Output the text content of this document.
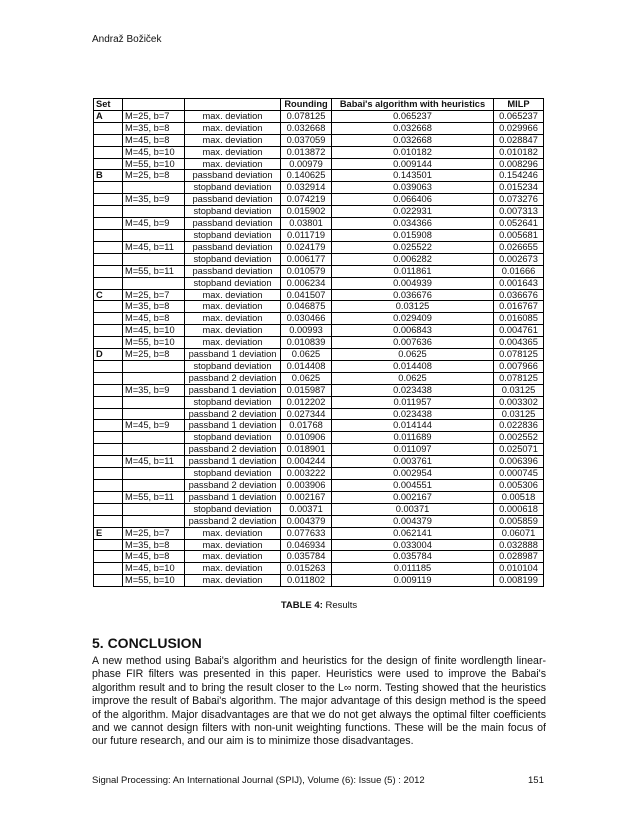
Andraž Božiček
Set			Rounding	Babai's algorithm with heuristics	MILP
A	M=25, b=7	max. deviation	0.078125	0.065237	0.065237
	M=35, b=8	max. deviation	0.032668	0.032668	0.029966
	M=45, b=8	max. deviation	0.037059	0.032668	0.028847
	M=45, b=10	max. deviation	0.013872	0.010182	0.010182
	M=55, b=10	max. deviation	0.00979	0.009144	0.008296
B	M=25, b=8	passband deviation	0.140625	0.143501	0.154246
		stopband deviation	0.032914	0.039063	0.015234
	M=35, b=9	passband deviation	0.074219	0.066406	0.073276
		stopband deviation	0.015902	0.022931	0.007313
	M=45, b=9	passband deviation	0.03801	0.034366	0.052641
		stopband deviation	0.011719	0.015908	0.005681
	M=45, b=11	passband deviation	0.024179	0.025522	0.026655
		stopband deviation	0.006177	0.006282	0.002673
	M=55, b=11	passband deviation	0.010579	0.011861	0.01666
		stopband deviation	0.006234	0.004939	0.001643
C	M=25, b=7	max. deviation	0.041507	0.036676	0.036676
	M=35, b=8	max. deviation	0.046875	0.03125	0.016767
	M=45, b=8	max. deviation	0.030466	0.029409	0.016085
	M=45, b=10	max. deviation	0.00993	0.006843	0.004761
	M=55, b=10	max. deviation	0.010839	0.007636	0.004365
D	M=25, b=8	passband 1 deviation	0.0625	0.0625	0.078125
		stopband deviation	0.014408	0.014408	0.007966
		passband 2 deviation	0.0625	0.0625	0.078125
	M=35, b=9	passband 1 deviation	0.015987	0.023438	0.03125
		stopband deviation	0.012202	0.011957	0.003302
		passband 2 deviation	0.027344	0.023438	0.03125
	M=45, b=9	passband 1 deviation	0.01768	0.014144	0.022836
		stopband deviation	0.010906	0.011689	0.002552
		passband 2 deviation	0.018901	0.011097	0.025071
	M=45, b=11	passband 1 deviation	0.004244	0.003761	0.006396
		stopband deviation	0.003222	0.002954	0.000745
		passband 2 deviation	0.003906	0.004551	0.005306
	M=55, b=11	passband 1 deviation	0.002167	0.002167	0.00518
		stopband deviation	0.00371	0.00371	0.000618
		passband 2 deviation	0.004379	0.004379	0.005859
E	M=25, b=7	max. deviation	0.077633	0.062141	0.06071
	M=35, b=8	max. deviation	0.046934	0.033004	0.032888
	M=45, b=8	max. deviation	0.035784	0.035784	0.028987
	M=45, b=10	max. deviation	0.015263	0.011185	0.010104
	M=55, b=10	max. deviation	0.011802	0.009119	0.008199
TABLE 4: Results
5. CONCLUSION
A new method using Babai's algorithm and heuristics for the design of finite wordlength linear-phase FIR filters was presented in this paper. Heuristics were used to improve the Babai's algorithm result and to bring the result closer to the L∞ norm. Testing showed that the heuristics improve the result of Babai's algorithm. The major advantage of this design method is the speed of the algorithm. Major disadvantages are that we do not get always the optimal filter coefficients and we cannot design filters with non-unit weighting functions. These will be the main focus of our future research, and our aim is to minimize those disadvantages.
Signal Processing: An International Journal (SPIJ), Volume (6): Issue (5) : 2012	151
